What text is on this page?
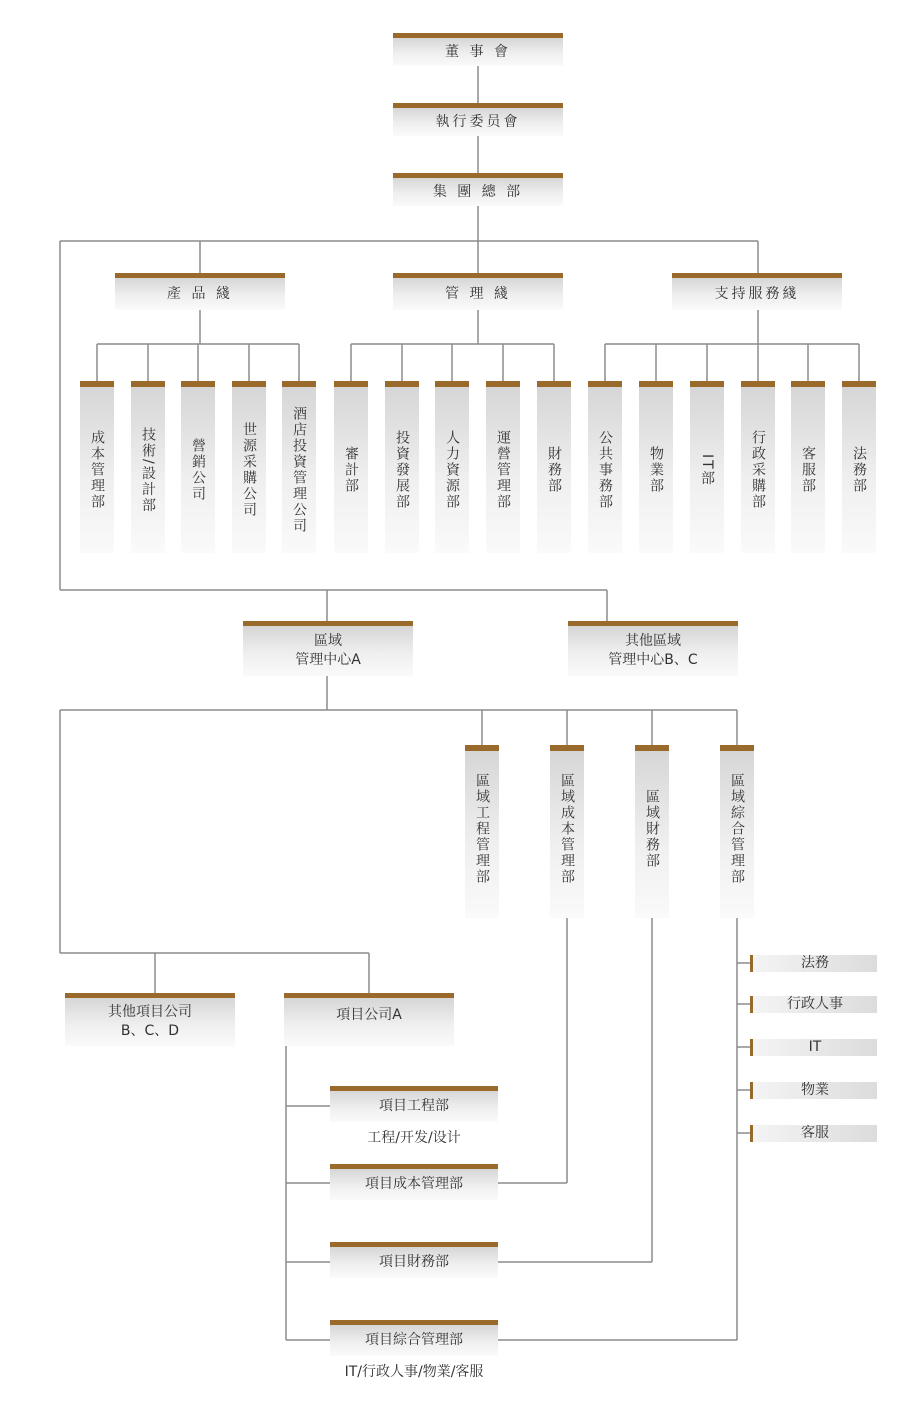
董 事 會
執行委员會
集 團 總 部
產 品 綫	管 理 綫	支持服務綫
成本管理部	技術/設計部 營銷公司	世源采購公司 酒店投資管理公司	審計部	投資發展部 人力資源部	運營管理部	財務部	公共事務部	物業部	IT部	行政采購部 客服部	法務部
區域
管理中心A
其他區域
管理中心B、C
區域工程管理部	區域成本管理部	區域財務部	區域綜合管理部
法務
行政人事
IT
物業
客服
其他項目公司
B、C、D
項目公司A
項目工程部
工程/开发/设计
項目成本管理部
項目財務部
項目綜合管理部
IT/行政人事/物業/客服
